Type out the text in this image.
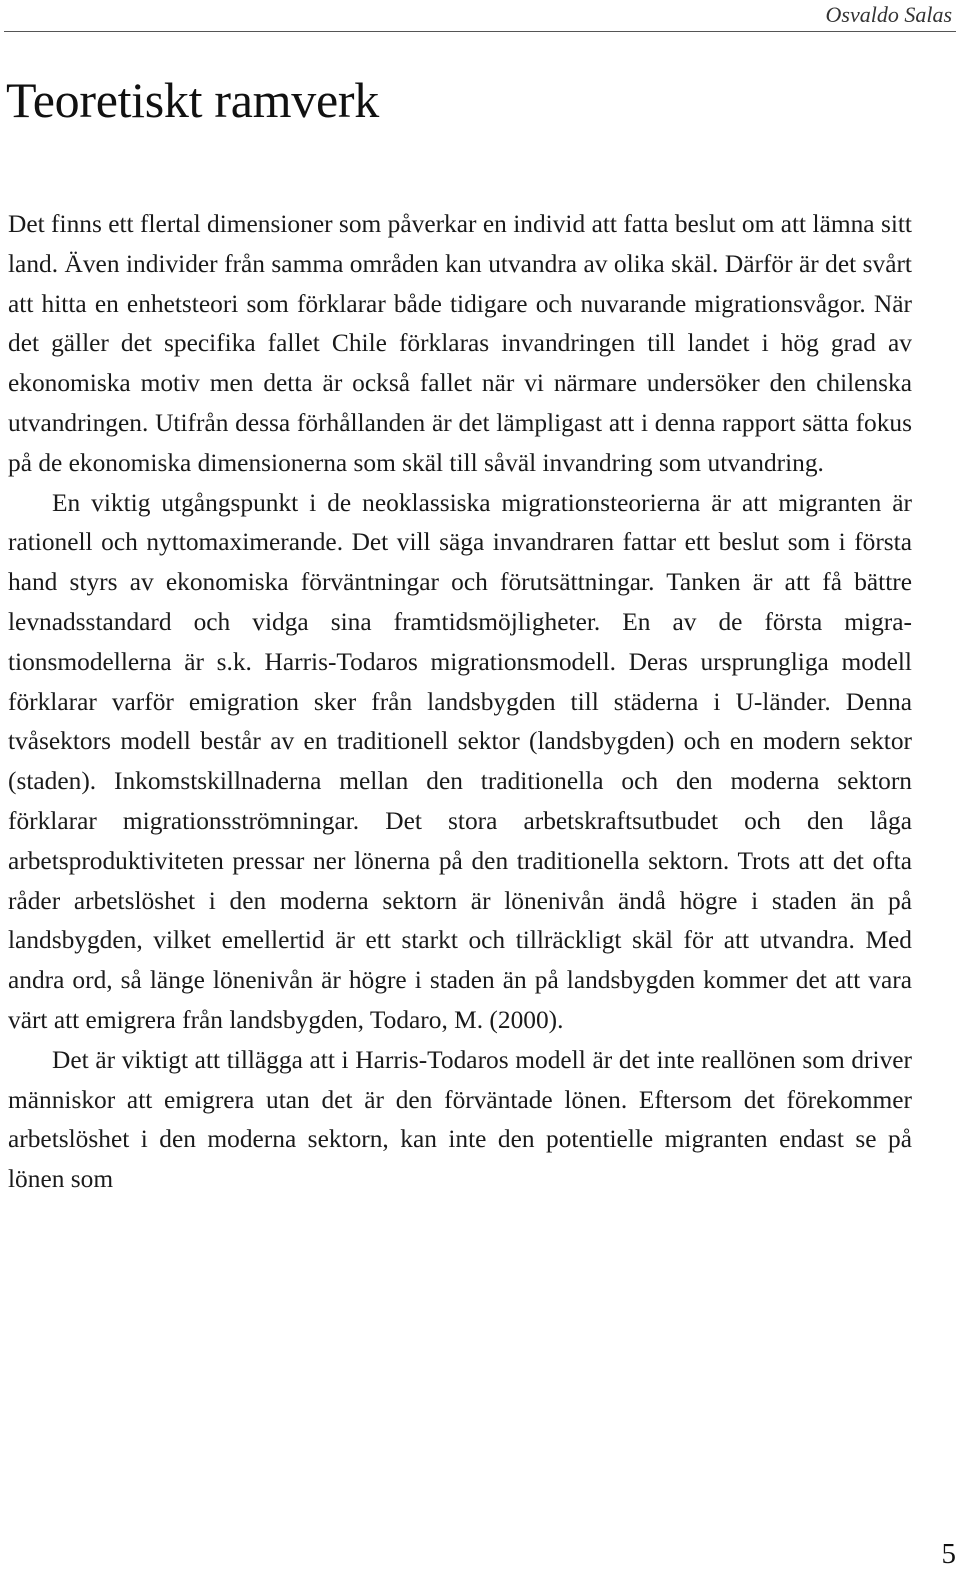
Osvaldo Salas

Teoretiskt ramverk

Det finns ett flertal dimensioner som påverkar en individ att fatta beslut om att lämna sitt land. Även individer från samma områden kan utvandra av olika skäl. Därför är det svårt att hitta en enhetsteori som förklarar både tidigare och nuvarande migrationsvågor. När det gäller det specifika fallet Chile förklaras invandringen till landet i hög grad av ekonomiska motiv men detta är också fallet när vi närmare undersöker den chilenska utvandringen. Utifrån dessa förhållanden är det lämpligast att i denna rapport sätta fokus på de ekonomiska dimensionerna som skäl till såväl invandring som utvandring.

En viktig utgångspunkt i de neoklassiska migrationsteorierna är att migranten är rationell och nyttomaximerande. Det vill säga invandraren fattar ett beslut som i första hand styrs av ekonomiska förväntningar och förutsättningar. Tanken är att få bättre levnadsstandard och vidga sina framtidsmöjligheter. En av de första migrationsmodellerna är s.k. Harris-Todaros migrationsmodell. Deras ursprungliga modell förklarar varför emigration sker från landsbygden till städerna i U-länder. Denna tvåsektors modell består av en traditionell sektor (landsbygden) och en modern sektor (staden). Inkomstskillnaderna mellan den traditionella och den moderna sektorn förklarar migrationsströmningar. Det stora arbetskraftsutbudet och den låga arbetsproduktiviteten pressar ner lönerna på den traditionella sektorn. Trots att det ofta råder arbetslöshet i den moderna sektorn är lönenivån ändå högre i staden än på landsbygden, vilket emellertid är ett starkt och tillräckligt skäl för att utvandra. Med andra ord, så länge lönenivån är högre i staden än på landsbygden kommer det att vara värt att emigrera från landsbygden, Todaro, M. (2000).

Det är viktigt att tillägga att i Harris-Todaros modell är det inte reallönen som driver människor att emigrera utan det är den förväntade lönen. Eftersom det förekommer arbetslöshet i den moderna sektorn, kan inte den potentielle migranten endast se på lönen som

5
